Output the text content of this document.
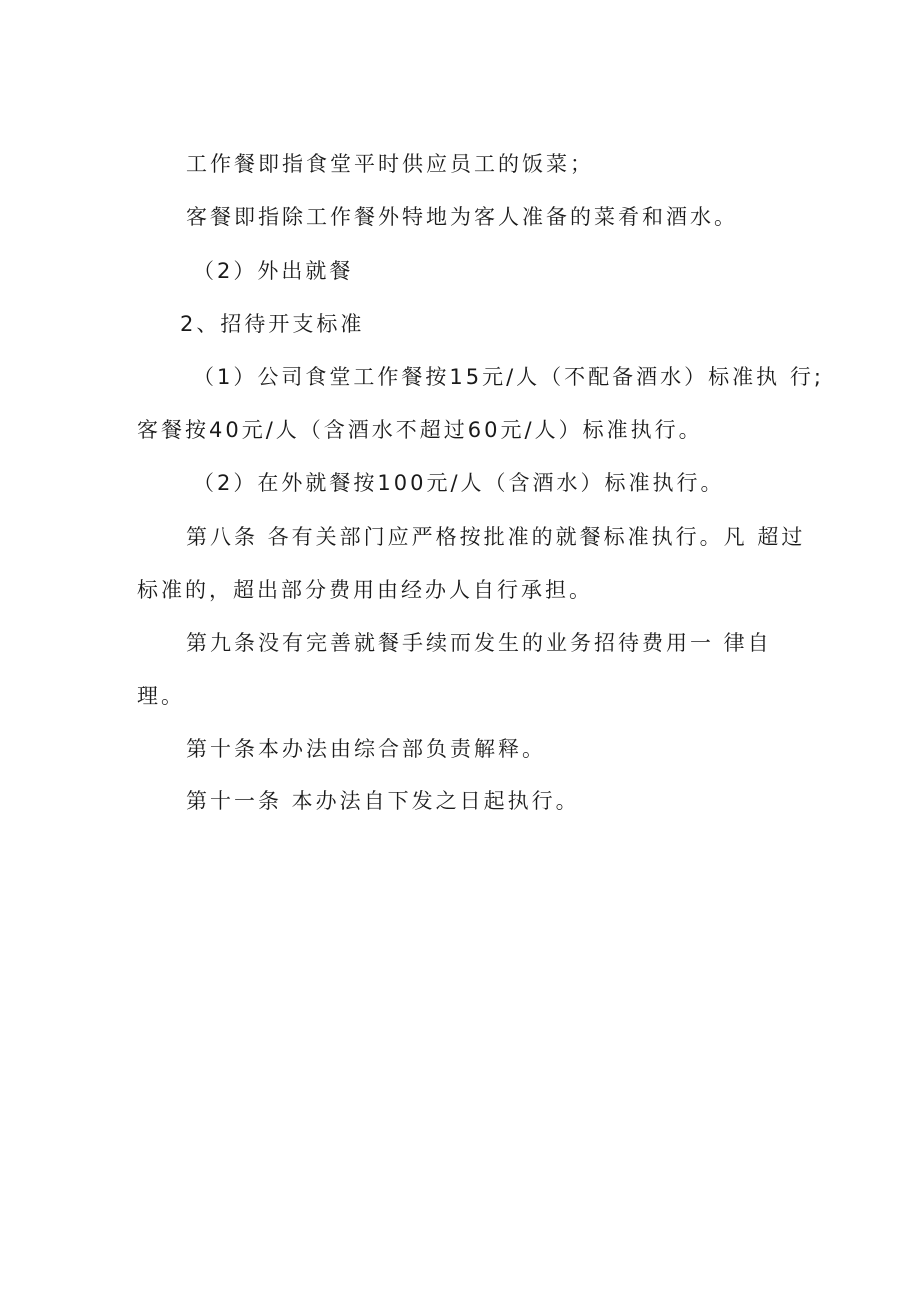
工作餐即指食堂平时供应员工的饭菜；
客餐即指除工作餐外特地为客人准备的菜肴和酒水。
（2）外出就餐
2、招待开支标准
（1）公司食堂工作餐按15元/人（不配备酒水）标准执 行;
客餐按40元/人（含酒水不超过60元/人）标准执行。
（2）在外就餐按100元/人（含酒水）标准执行。
第八条 各有关部门应严格按批准的就餐标准执行。凡 超过
标准的，超出部分费用由经办人自行承担。
第九条没有完善就餐手续而发生的业务招待费用一 律自
理。
第十条本办法由综合部负责解释。
第十一条 本办法自下发之日起执行。
